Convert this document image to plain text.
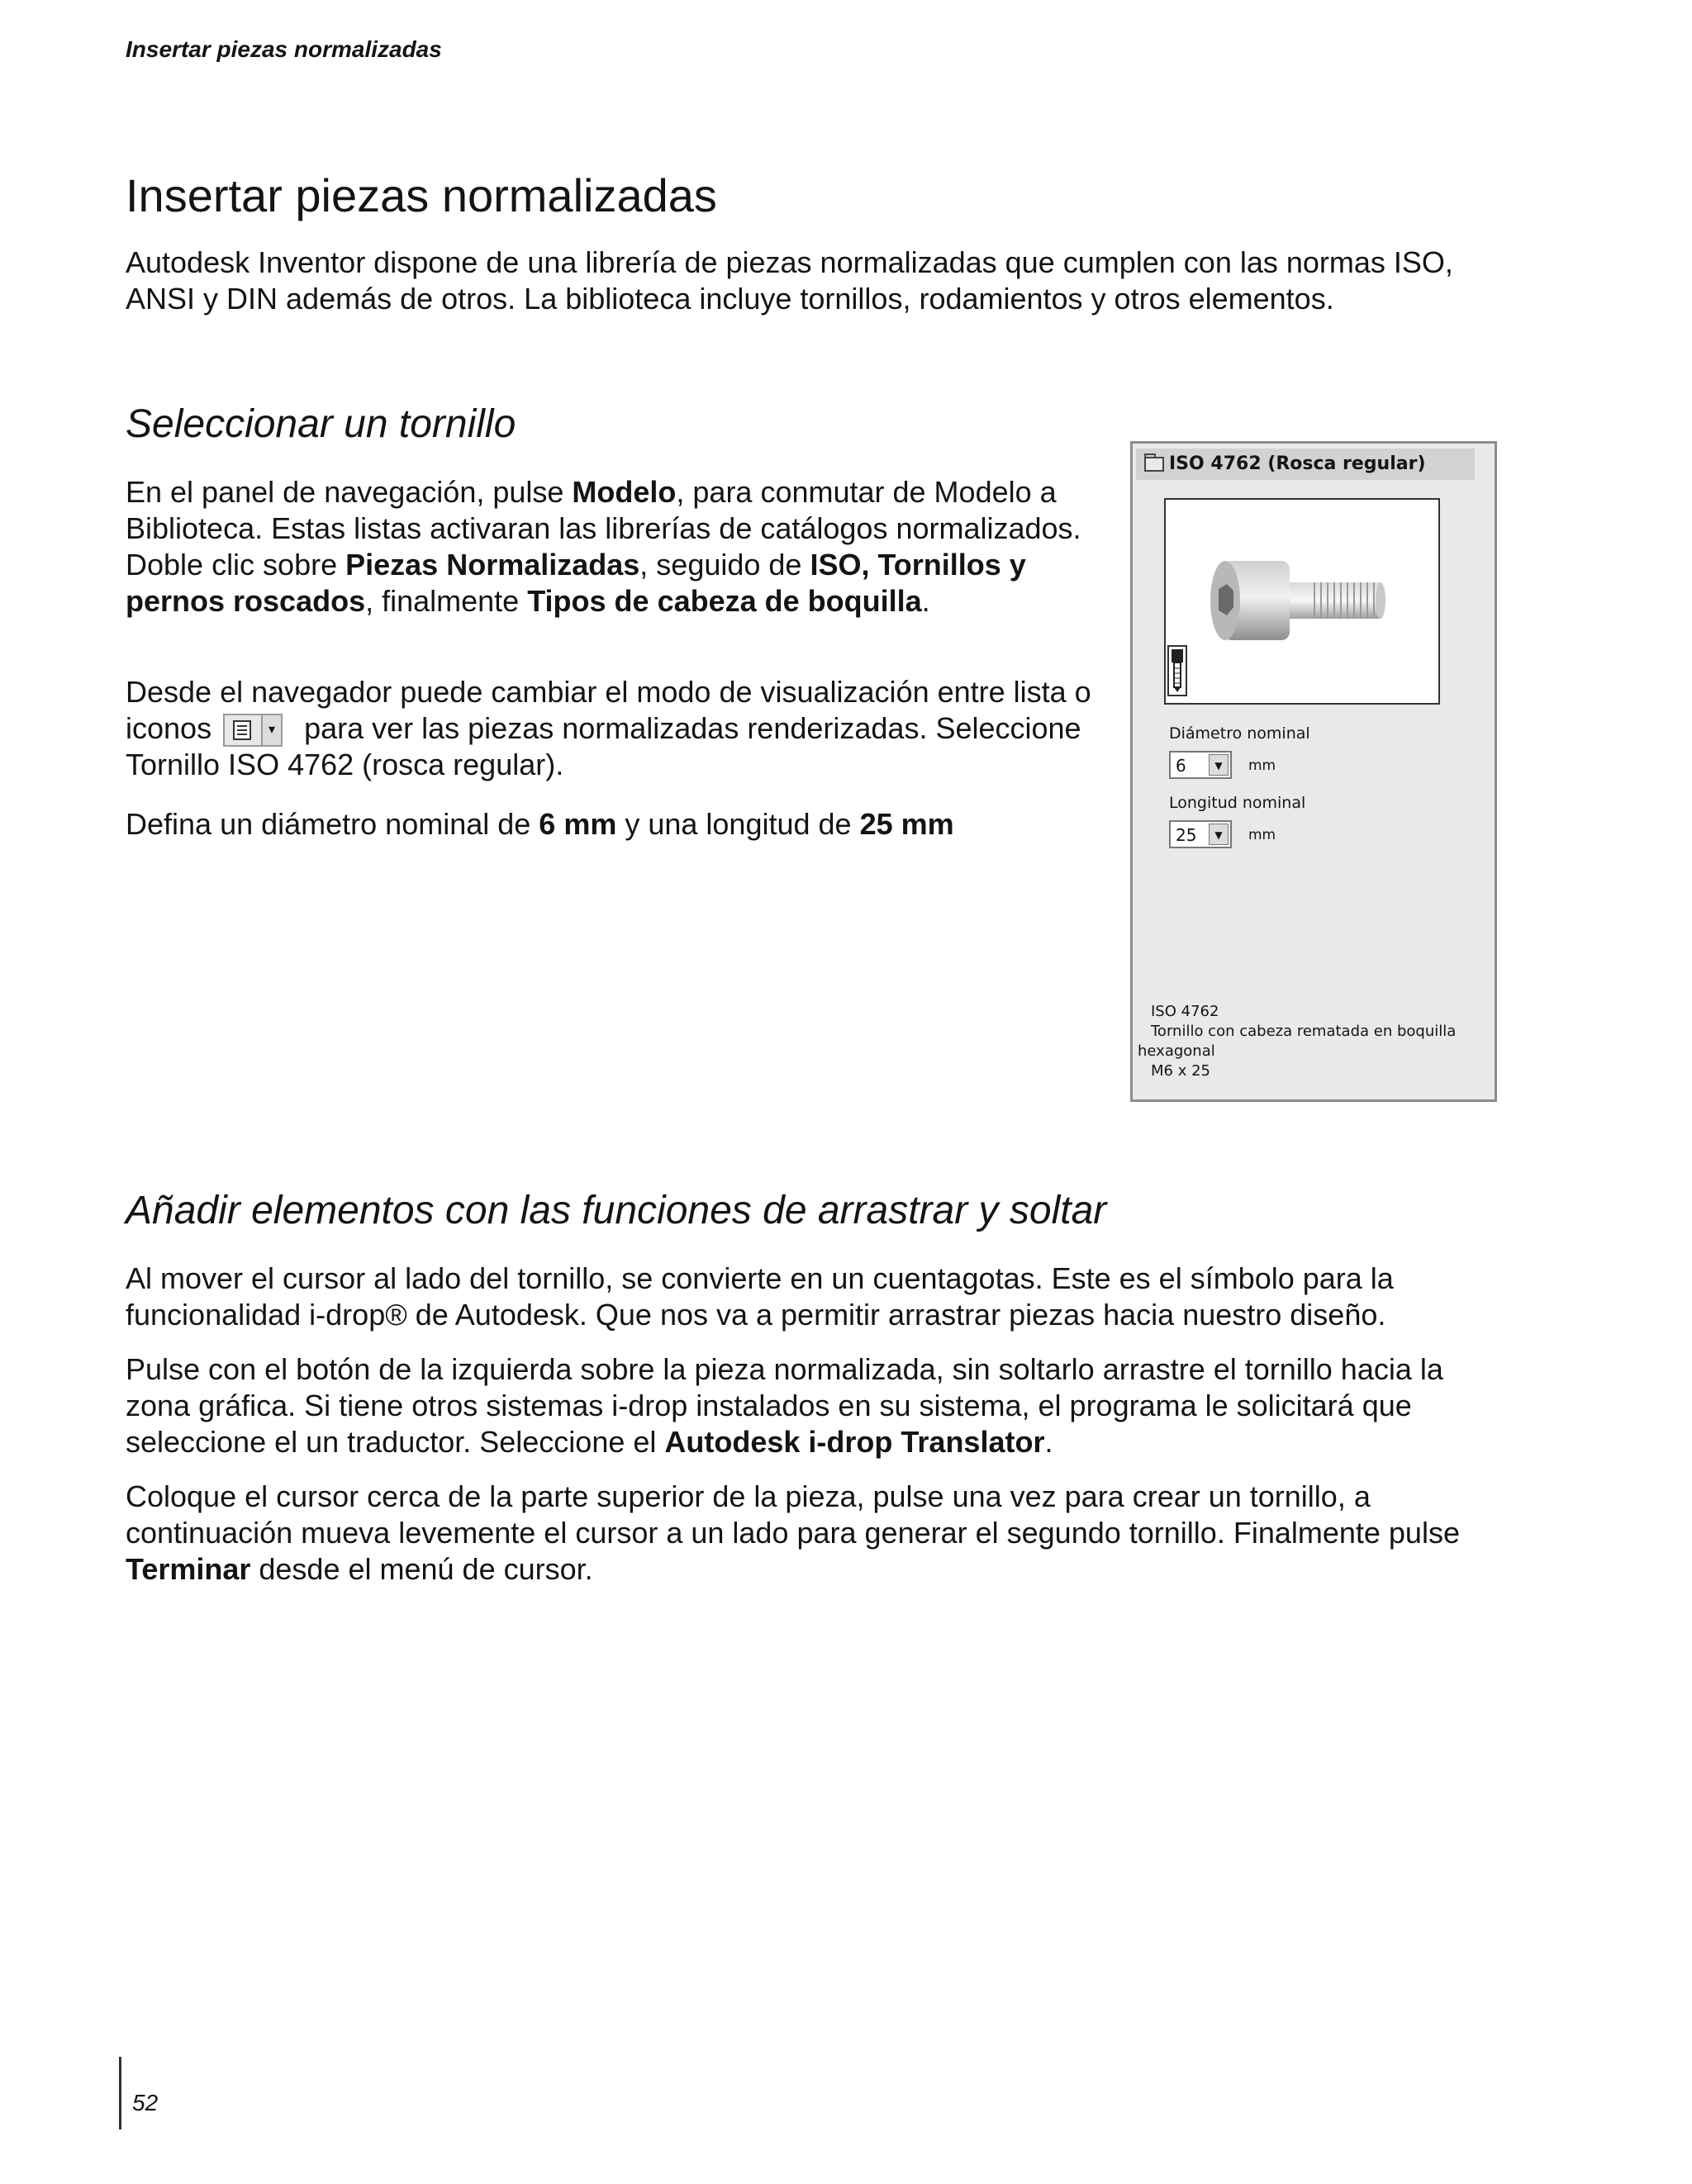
Insertar piezas normalizadas
Insertar piezas normalizadas
Autodesk Inventor dispone de una librería de piezas normalizadas que cumplen con las normas ISO,
ANSI y DIN además de otros. La biblioteca incluye tornillos, rodamientos y otros elementos.
Seleccionar un tornillo

En el panel de navegación, pulse Modelo, para conmutar de Modelo a Biblioteca. Estas listas activaran las librerías de catálogos normalizados. Doble clic sobre Piezas Normalizadas, seguido de ISO, Tornillos y pernos roscados, finalmente Tipos de cabeza de boquilla.

Desde el navegador puede cambiar el modo de visualización entre lista o iconos	▾ para ver las piezas normalizadas renderizadas. Seleccione Tornillo ISO 4762 (rosca regular).

Defina un diámetro nominal de 6 mm y una longitud de 25 mm

ISO 4762 (Rosca regular)
Diámetro nominal
6	▼	mm
Longitud nominal
25	▼	mm
ISO 4762
Tornillo con cabeza rematada en boquilla
hexagonal
M6 x 25
Añadir elementos con las funciones de arrastrar y soltar
Al mover el cursor al lado del tornillo, se convierte en un cuentagotas. Este es el símbolo para la
funcionalidad i-drop® de Autodesk. Que nos va a permitir arrastrar piezas hacia nuestro diseño.
Pulse con el botón de la izquierda sobre la pieza normalizada, sin soltarlo arrastre el tornillo hacia la
zona gráfica. Si tiene otros sistemas i-drop instalados en su sistema, el programa le solicitará que
seleccione el un traductor. Seleccione el Autodesk i-drop Translator.
Coloque el cursor cerca de la parte superior de la pieza, pulse una vez para crear un tornillo, a
continuación mueva levemente el cursor a un lado para generar el segundo tornillo. Finalmente pulse
Terminar desde el menú de cursor.
52
